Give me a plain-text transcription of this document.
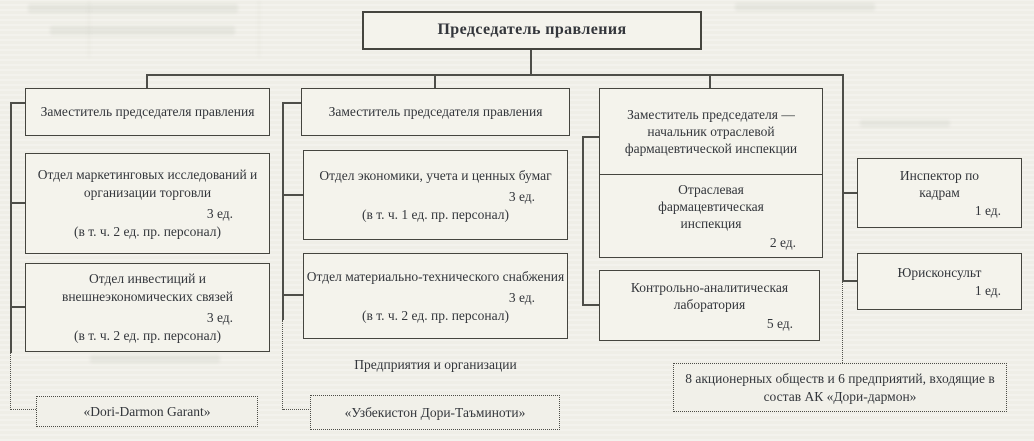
Председатель правления
Заместитель председателя правления
Отдел маркетинговых исследований и организации торговли
3 ед.
(в т. ч. 2 ед. пр. персонал)
Отдел инвестиций и внешнеэкономических связей
3 ед.
(в т. ч. 2 ед. пр. персонал)
«Dori-Darmon Garant»
Заместитель председателя правления
Отдел экономики, учета и ценных бумаг
3 ед.
(в т. ч. 1 ед. пр. персонал)
Отдел материально-технического снабжения
3 ед.
(в т. ч. 2 ед. пр. персонал)
Предприятия и организации
«Узбекистон Дори-Таъминоти»
Заместитель председателя — начальник отраслевой фармацевтической инспекции
Отраслевая фармацевтическая инспекция
2 ед.
Контрольно-аналитическая лаборатория
5 ед.
8 акционерных обществ и 6 предприятий, входящие в состав АК «Дори-дармон»
Инспектор по кадрам
1 ед.
Юрисконсульт
1 ед.
